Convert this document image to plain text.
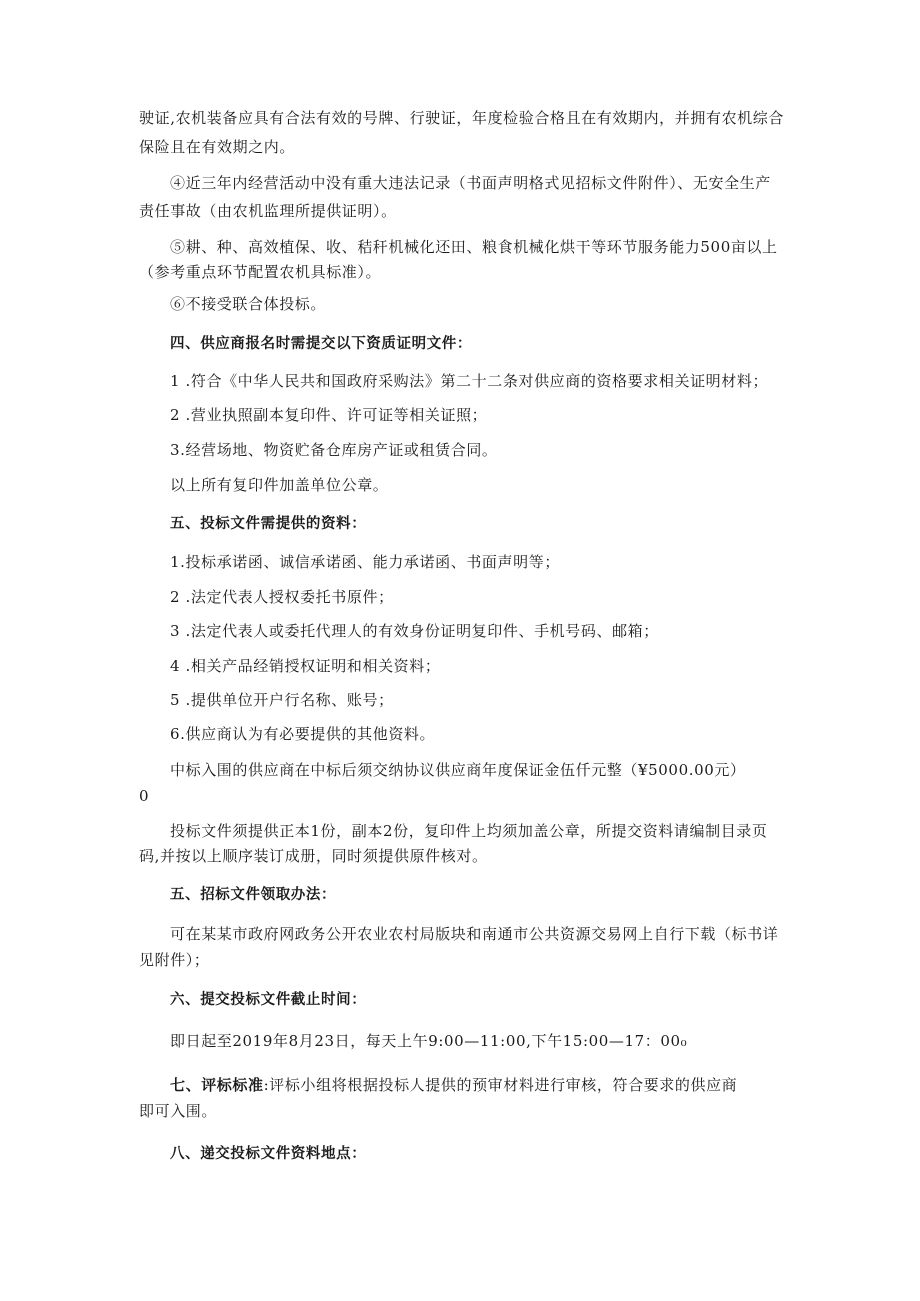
驶证,农机装备应具有合法有效的号牌、行驶证，年度检验合格且在有效期内，并拥有农机综合
保险且在有效期之内。
④近三年内经营活动中没有重大违法记录（书面声明格式见招标文件附件）、无安全生产
责任事故（由农机监理所提供证明）。
⑤耕、种、高效植保、收、秸秆机械化还田、粮食机械化烘干等环节服务能力500亩以上
（参考重点环节配置农机具标准）。
⑥不接受联合体投标。
四、供应商报名时需提交以下资质证明文件：
1 .符合《中华人民共和国政府采购法》第二十二条对供应商的资格要求相关证明材料；
2 .营业执照副本复印件、许可证等相关证照；
3.经营场地、物资贮备仓库房产证或租赁合同。
以上所有复印件加盖单位公章。
五、投标文件需提供的资料：
1.投标承诺函、诚信承诺函、能力承诺函、书面声明等；
2 .法定代表人授权委托书原件；
3 .法定代表人或委托代理人的有效身份证明复印件、手机号码、邮箱；
4 .相关产品经销授权证明和相关资料；
5 .提供单位开户行名称、账号；
6.供应商认为有必要提供的其他资料。
中标入围的供应商在中标后须交纳协议供应商年度保证金伍仟元整（¥5000.00元）
0
投标文件须提供正本1份，副本2份，复印件上均须加盖公章，所提交资料请编制目录页
码,并按以上顺序装订成册，同时须提供原件核对。
五、招标文件领取办法：
可在某某市政府网政务公开农业农村局版块和南通市公共资源交易网上自行下载（标书详
见附件）；
六、提交投标文件截止时间：
即日起至2019年8月23日，每天上午9:00—11:00,下午15:00—17：00₀
七、评标标准:评标小组将根据投标人提供的预审材料进行审核，符合要求的供应商
即可入围。
八、递交投标文件资料地点：
